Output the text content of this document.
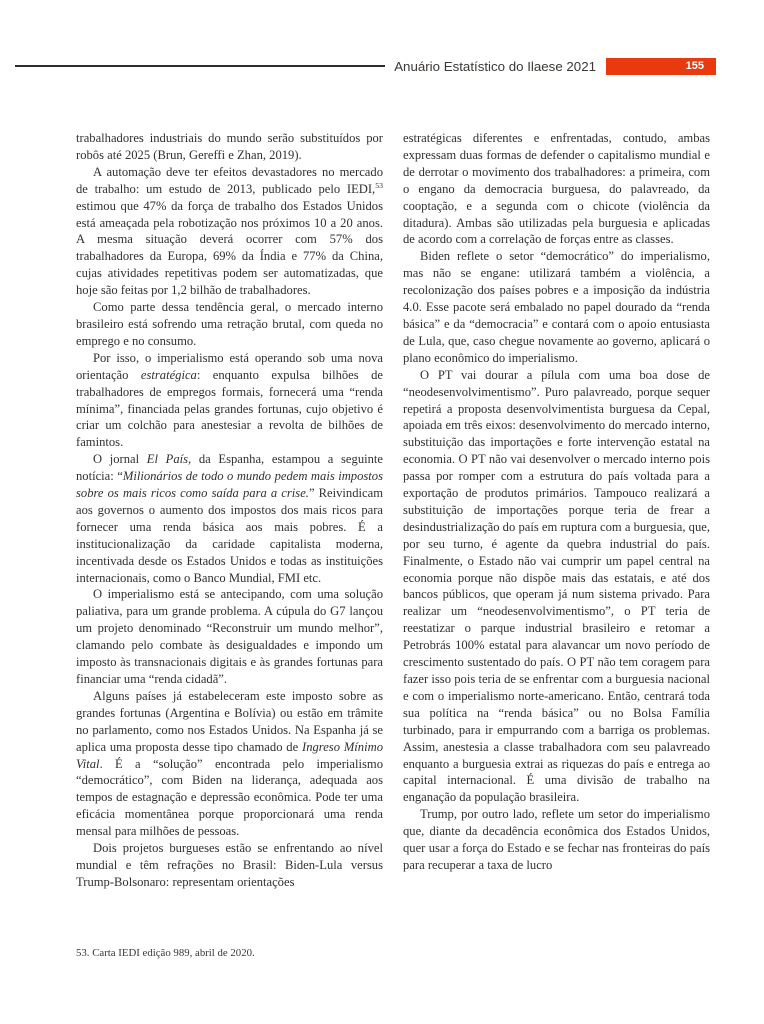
Anuário Estatístico do Ilaese 2021	155

trabalhadores industriais do mundo serão substituídos por robôs até 2025 (Brun, Gereffi e Zhan, 2019).

A automação deve ter efeitos devastadores no mercado de trabalho: um estudo de 2013, publicado pelo IEDI,$^{53}$ estimou que 47% da força de trabalho dos Estados Unidos está ameaçada pela robotização nos próximos 10 a 20 anos. A mesma situação deverá ocorrer com 57% dos trabalhadores da Europa, 69% da Índia e 77% da China, cujas atividades repetitivas podem ser automatizadas, que hoje são feitas por 1,2 bilhão de trabalhadores.

Como parte dessa tendência geral, o mercado interno brasileiro está sofrendo uma retração brutal, com queda no emprego e no consumo.

Por isso, o imperialismo está operando sob uma nova orientação estratégica: enquanto expulsa bilhões de trabalhadores de empregos formais, fornecerá uma “renda mínima”, financiada pelas grandes fortunas, cujo objetivo é criar um colchão para anestesiar a revolta de bilhões de famintos.

O jornal El País, da Espanha, estampou a seguinte notícia: “Milionários de todo o mundo pedem mais impostos sobre os mais ricos como saída para a crise.” Reivindicam aos governos o aumento dos impostos dos mais ricos para fornecer uma renda básica aos mais pobres. É a institucionalização da caridade capitalista moderna, incentivada desde os Estados Unidos e todas as instituições internacionais, como o Banco Mundial, FMI etc.

O imperialismo está se antecipando, com uma solução paliativa, para um grande problema. A cúpula do G7 lançou um projeto denominado “Reconstruir um mundo melhor”, clamando pelo combate às desigualdades e impondo um imposto às transnacionais digitais e às grandes fortunas para financiar uma “renda cidadã”.

Alguns países já estabeleceram este imposto sobre as grandes fortunas (Argentina e Bolívia) ou estão em trâmite no parlamento, como nos Estados Unidos. Na Espanha já se aplica uma proposta desse tipo chamado de Ingreso Mínimo Vital. É a “solução” encontrada pelo imperialismo “democrático”, com Biden na liderança, adequada aos tempos de estagnação e depressão econômica. Pode ter uma eficácia momentânea porque proporcionará uma renda mensal para milhões de pessoas.

Dois projetos burgueses estão se enfrentando ao nível mundial e têm refrações no Brasil: Biden-Lula versus Trump-Bolsonaro: representam orientações

estratégicas diferentes e enfrentadas, contudo, ambas expressam duas formas de defender o capitalismo mundial e de derrotar o movimento dos trabalhadores: a primeira, com o engano da democracia burguesa, do palavreado, da cooptação, e a segunda com o chicote (violência da ditadura). Ambas são utilizadas pela burguesia e aplicadas de acordo com a correlação de forças entre as classes.

Biden reflete o setor “democrático” do imperialismo, mas não se engane: utilizará também a violência, a recolonização dos países pobres e a imposição da indústria 4.0. Esse pacote será embalado no papel dourado da “renda básica” e da “democracia” e contará com o apoio entusiasta de Lula, que, caso chegue novamente ao governo, aplicará o plano econômico do imperialismo.

O PT vai dourar a pílula com uma boa dose de “neodesenvolvimentismo”. Puro palavreado, porque sequer repetirá a proposta desenvolvimentista burguesa da Cepal, apoiada em três eixos: desenvolvimento do mercado interno, substituição das importações e forte intervenção estatal na economia. O PT não vai desenvolver o mercado interno pois passa por romper com a estrutura do país voltada para a exportação de produtos primários. Tampouco realizará a substituição de importações porque teria de frear a desindustrialização do país em ruptura com a burguesia, que, por seu turno, é agente da quebra industrial do país. Finalmente, o Estado não vai cumprir um papel central na economia porque não dispõe mais das estatais, e até dos bancos públicos, que operam já num sistema privado. Para realizar um “neodesenvolvimentismo”, o PT teria de reestatizar o parque industrial brasileiro e retomar a Petrobrás 100% estatal para alavancar um novo período de crescimento sustentado do país. O PT não tem coragem para fazer isso pois teria de se enfrentar com a burguesia nacional e com o imperialismo norte-americano. Então, centrará toda sua política na “renda básica” ou no Bolsa Família turbinado, para ir empurrando com a barriga os problemas. Assim, anestesia a classe trabalhadora com seu palavreado enquanto a burguesia extrai as riquezas do país e entrega ao capital internacional. É uma divisão de trabalho na enganação da população brasileira.

Trump, por outro lado, reflete um setor do imperialismo que, diante da decadência econômica dos Estados Unidos, quer usar a força do Estado e se fechar nas fronteiras do país para recuperar a taxa de lucro

53. Carta IEDI edição 989, abril de 2020.
